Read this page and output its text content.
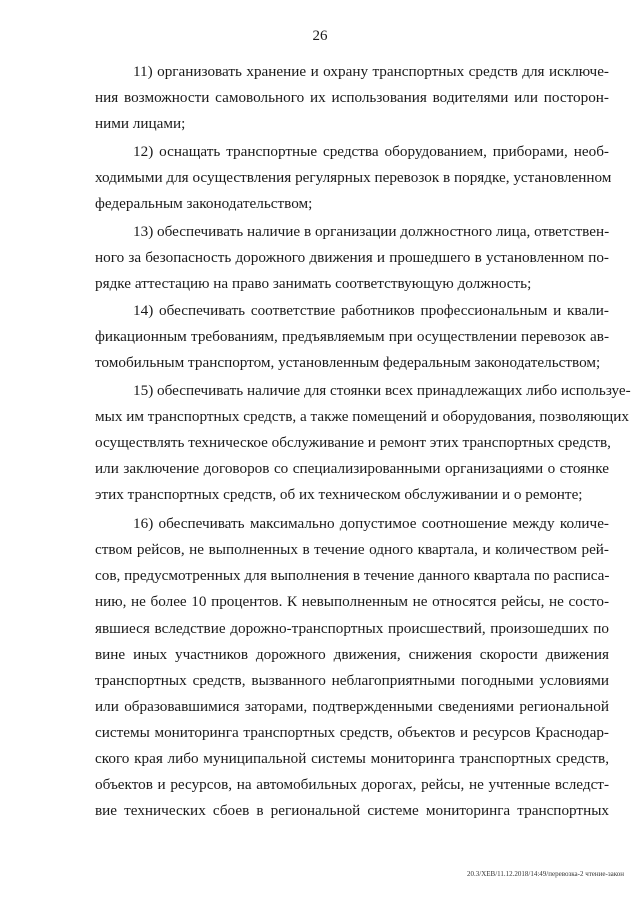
26
11) организовать хранение и охрану транспортных средств для исключе-
ния возможности самовольного их использования водителями или посторон-
ними лицами;
12) оснащать транспортные средства оборудованием, приборами, необ-
ходимыми для осуществления регулярных перевозок в порядке, установленном
федеральным законодательством;
13) обеспечивать наличие в организации должностного лица, ответствен-
ного за безопасность дорожного движения и прошедшего в установленном по-
рядке аттестацию на право занимать соответствующую должность;
14) обеспечивать соответствие работников профессиональным и квали-
фикационным требованиям, предъявляемым при осуществлении перевозок ав-
томобильным транспортом, установленным федеральным законодательством;
15) обеспечивать наличие для стоянки всех принадлежащих либо используе-
мых им транспортных средств, а также помещений и оборудования, позволяющих
осуществлять техническое обслуживание и ремонт этих транспортных средств,
или заключение договоров со специализированными организациями о стоянке
этих транспортных средств, об их техническом обслуживании и о ремонте;
16) обеспечивать максимально допустимое соотношение между количе-
ством рейсов, не выполненных в течение одного квартала, и количеством рей-
сов, предусмотренных для выполнения в течение данного квартала по расписа-
нию, не более 10 процентов. К невыполненным не относятся рейсы, не состо-
явшиеся вследствие дорожно-транспортных происшествий, произошедших по
вине иных участников дорожного движения, снижения скорости движения
транспортных средств, вызванного неблагоприятными погодными условиями
или образовавшимися заторами, подтвержденными сведениями региональной
системы мониторинга транспортных средств, объектов и ресурсов Краснодар-
ского края либо муниципальной системы мониторинга транспортных средств,
объектов и ресурсов, на автомобильных дорогах, рейсы, не учтенные вследст-
вие технических сбоев в региональной системе мониторинга транспортных
20.3/ХЕВ/11.12.2018/14:49/перевозка-2 чтение-закон
